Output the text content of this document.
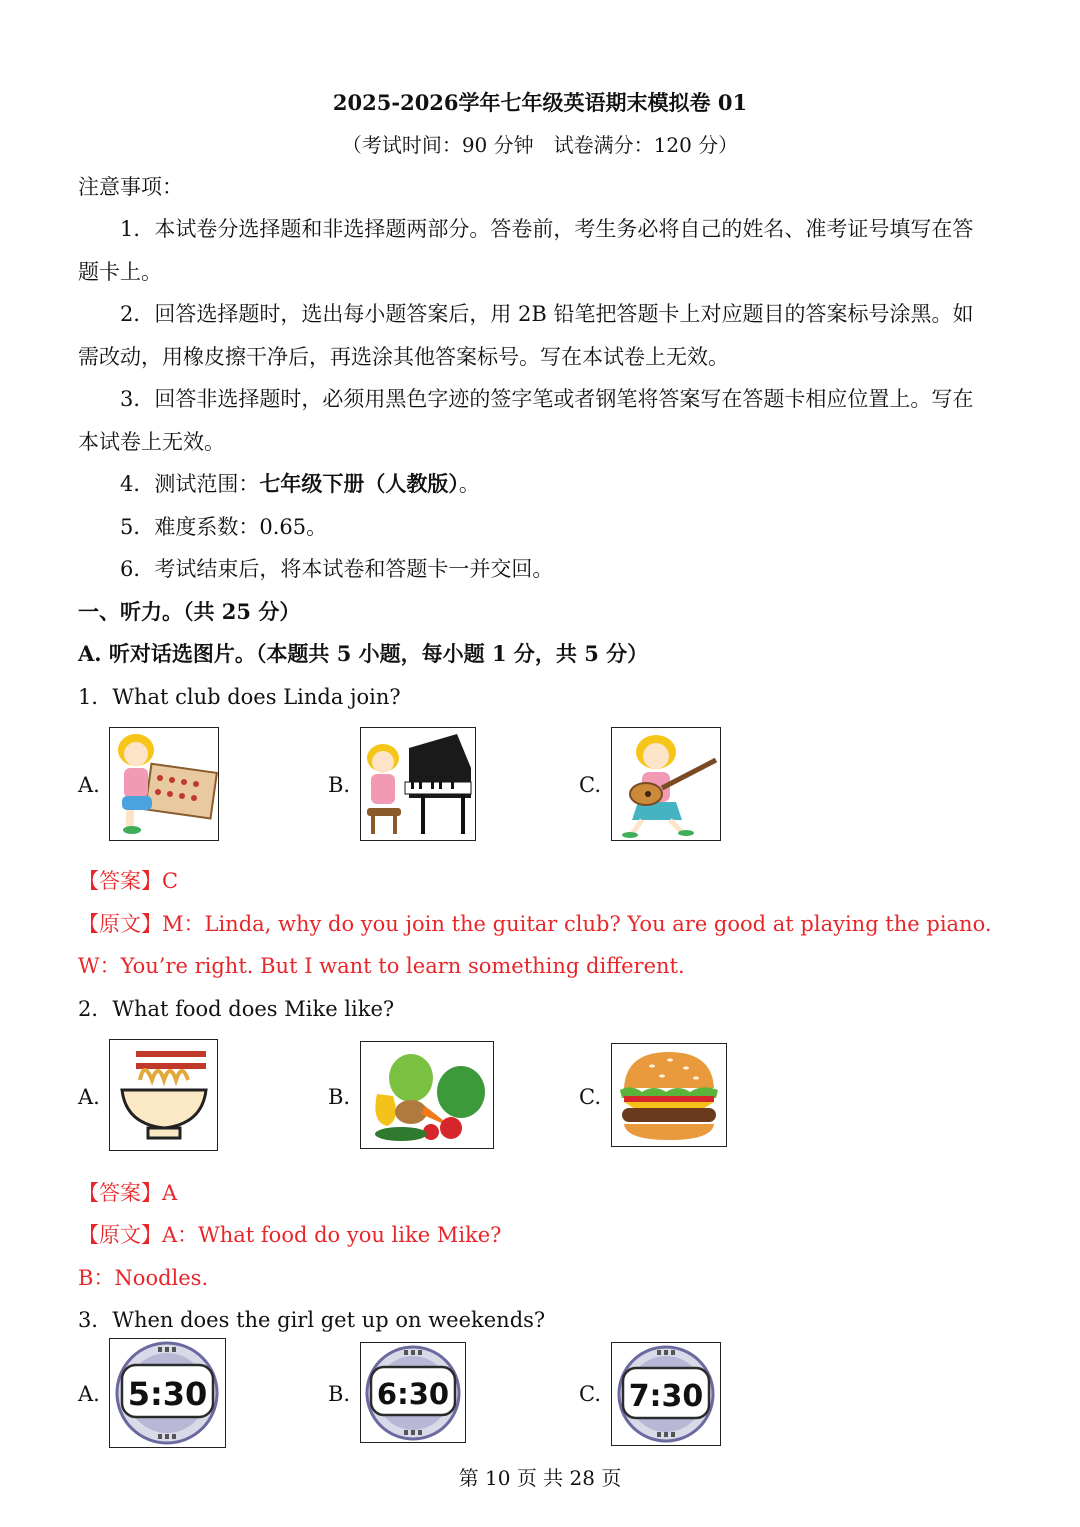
2025-2026学年七年级英语期末模拟卷 01
（考试时间：90 分钟　试卷满分：120 分）
注意事项：
1．本试卷分选择题和非选择题两部分。答卷前，考生务必将自己的姓名、准考证号填写在答
题卡上。
2．回答选择题时，选出每小题答案后，用 2B 铅笔把答题卡上对应题目的答案标号涂黑。如
需改动，用橡皮擦干净后，再选涂其他答案标号。写在本试卷上无效。
3．回答非选择题时，必须用黑色字迹的签字笔或者钢笔将答案写在答题卡相应位置上。写在
本试卷上无效。
4．测试范围：七年级下册（人教版）。
5．难度系数：0.65。
6．考试结束后，将本试卷和答题卡一并交回。
一、听力。（共 25 分）
A. 听对话选图片。（本题共 5 小题，每小题 1 分，共 5 分）
1．What club does Linda join?
A.	B.	C.
【答案】C
【原文】M：Linda, why do you join the guitar club? You are good at playing the piano.
W：You’re right. But I want to learn something different.
2．What food does Mike like?
A.	B.	C.
【答案】A
【原文】A：What food do you like Mike?
B：Noodles.
3．When does the girl get up on weekends?
A. 5:30	B. 6:30	C. 7:30
第 10 页 共 28 页
